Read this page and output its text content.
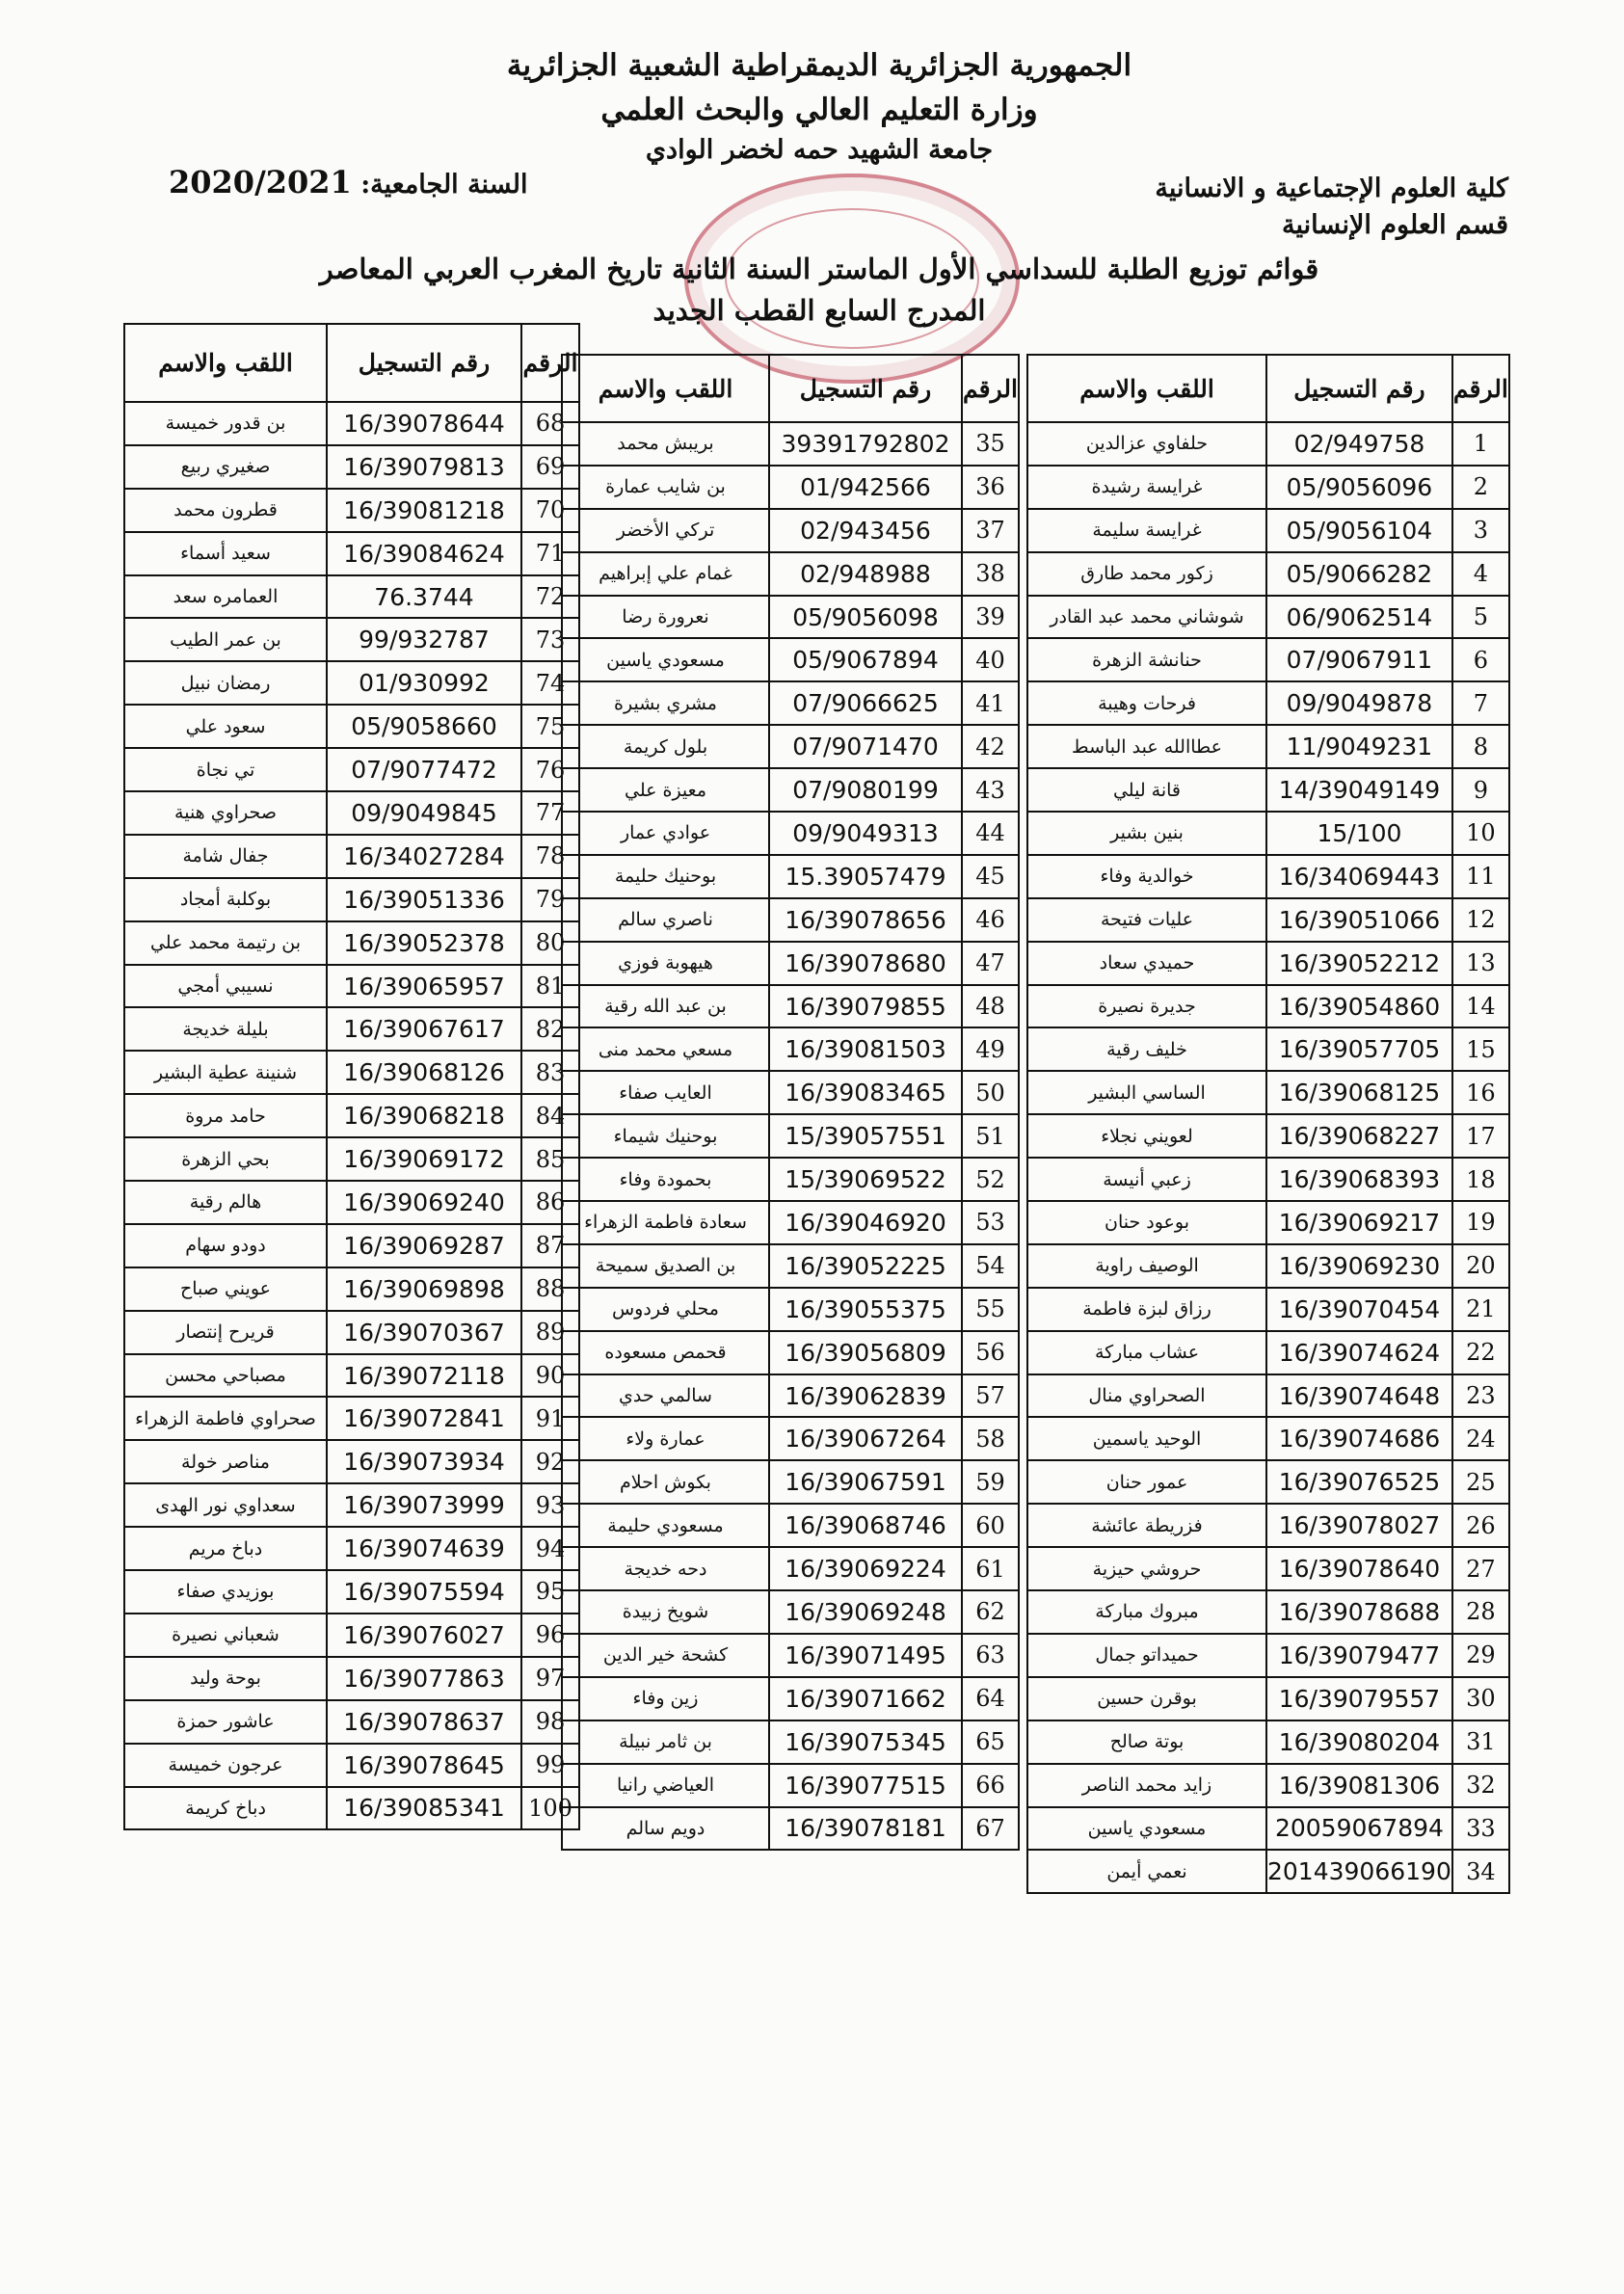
الجمهورية الجزائرية الديمقراطية الشعبية الجزائرية
وزارة التعليم العالي والبحث العلمي
جامعة الشهيد حمه لخضر الوادي
كلية العلوم الإجتماعية و الانسانية
قسم العلوم الإنسانية
السنة الجامعية: 2020/2021
قوائم توزيع الطلبة للسداسي الأول الماستر السنة الثانية تاريخ المغرب العربي المعاصر
المدرج السابع القطب الجديد
الرقم	رقم التسجيل	اللقب والاسم
1	02/949758	حلفاوي عزالدين
2	05/9056096	غرايسة رشيدة
3	05/9056104	غرايسة سليمة
4	05/9066282	زكور محمد طارق
5	06/9062514	شوشاني محمد عبد القادر
6	07/9067911	حنانشة الزهرة
7	09/9049878	فرحات وهيبة
8	11/9049231	عطاالله عبد الباسط
9	14/39049149	قانة ليلي
10	15/100	بنين بشير
11	16/34069443	خوالدية وفاء
12	16/39051066	عليات فتيحة
13	16/39052212	حميدي سعاد
14	16/39054860	جديرة نصيرة
15	16/39057705	خليف رقية
16	16/39068125	الساسي البشير
17	16/39068227	لعويني نجلاء
18	16/39068393	زعبي أنيسة
19	16/39069217	بوعود حنان
20	16/39069230	الوصيف راوية
21	16/39070454	رزاق لبزة فاطمة
22	16/39074624	عشاب مباركة
23	16/39074648	الصحراوي منال
24	16/39074686	الوحيد ياسمين
25	16/39076525	عمور حنان
26	16/39078027	فزريطة عائشة
27	16/39078640	حروشي حيزية
28	16/39078688	مبروك مباركة
29	16/39079477	حميداتو جمال
30	16/39079557	بوقرن حسين
31	16/39080204	بوتة صالح
32	16/39081306	زايد محمد الناصر
33	20059067894	مسعودي ياسين
34	201439066190	نعمي أيمن
الرقم	رقم التسجيل	اللقب والاسم
35	39391792802	بريبش محمد
36	01/942566	بن شايب عمارة
37	02/943456	تركي الأخضر
38	02/948988	غمام علي إبراهيم
39	05/9056098	نعرورة رضا
40	05/9067894	مسعودي ياسين
41	07/9066625	مشري بشيرة
42	07/9071470	بلول كريمة
43	07/9080199	معيزة علي
44	09/9049313	عوادي عمار
45	15.39057479	بوحنيك حليمة
46	16/39078656	ناصري سالم
47	16/39078680	هيهوبة فوزي
48	16/39079855	بن عبد الله رقية
49	16/39081503	مسعي محمد منى
50	16/39083465	العايب صفاء
51	15/39057551	بوحنيك شيماء
52	15/39069522	بحمودة وفاء
53	16/39046920	سعادة فاطمة الزهراء
54	16/39052225	بن الصديق سميحة
55	16/39055375	محلي فردوس
56	16/39056809	قحمص مسعوده
57	16/39062839	سالمي حدي
58	16/39067264	عمارة ولاء
59	16/39067591	بكوش احلام
60	16/39068746	مسعودي حليمة
61	16/39069224	دحه خديجة
62	16/39069248	شويخ زبيدة
63	16/39071495	كشحة خير الدين
64	16/39071662	زين وفاء
65	16/39075345	بن ثامر نبيلة
66	16/39077515	العياضي رانيا
67	16/39078181	دويم سالم
الرقم	رقم التسجيل	اللقب والاسم
68	16/39078644	بن قدور خميسة
69	16/39079813	صغيري ربيع
70	16/39081218	قطرون محمد
71	16/39084624	سعيد أسماء
72	76.3744	العمامره سعد
73	99/932787	بن عمر الطيب
74	01/930992	رمضان نبيل
75	05/9058660	سعود علي
76	07/9077472	تي نجاة
77	09/9049845	صحراوي هنية
78	16/34027284	جفال شامة
79	16/39051336	بوكلبة أمجاد
80	16/39052378	بن رتيمة محمد علي
81	16/39065957	نسيبي أمجي
82	16/39067617	بليلة خديجة
83	16/39068126	شنينة عطية البشير
84	16/39068218	حامد مروة
85	16/39069172	بحي الزهرة
86	16/39069240	هالم رقية
87	16/39069287	دودو سهام
88	16/39069898	عويني صباح
89	16/39070367	قريرح إنتصار
90	16/39072118	مصباحي محسن
91	16/39072841	صحراوي فاطمة الزهراء
92	16/39073934	مناصر خولة
93	16/39073999	سعداوي نور الهدى
94	16/39074639	دباخ مريم
95	16/39075594	بوزيدي صفاء
96	16/39076027	شعباني نصيرة
97	16/39077863	بوحة وليد
98	16/39078637	عاشور حمزة
99	16/39078645	عرجون خميسة
100	16/39085341	دباخ كريمة
